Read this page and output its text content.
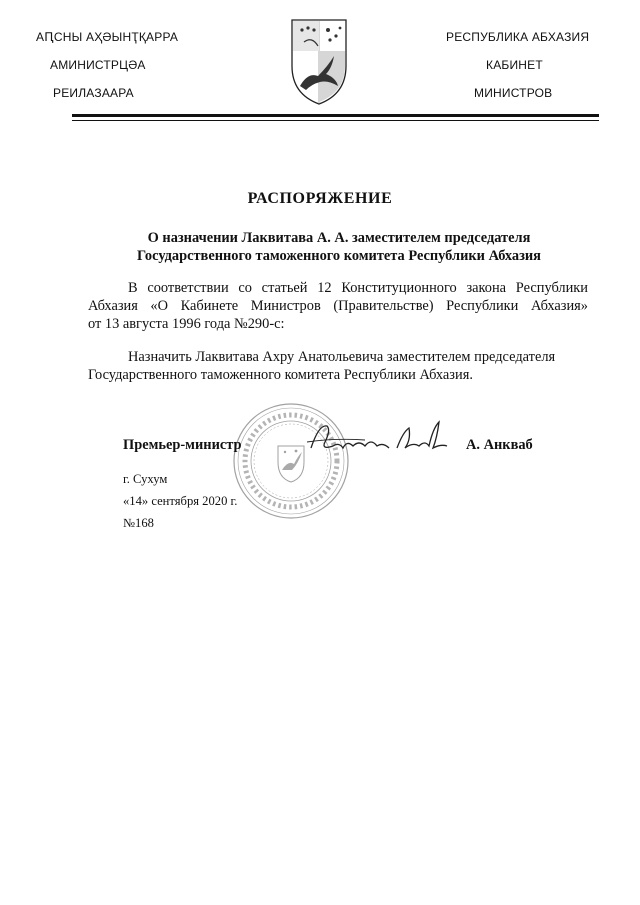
АԤСНЫ АҲӘЫНҬҚАРРА
АМИНИСТРЦӘА
РЕИЛАЗААРА
РЕСПУБЛИКА АБХАЗИЯ
КАБИНЕТ
МИНИСТРОВ
РАСПОРЯЖЕНИЕ
О назначении Лаквитава А. А. заместителем председателя
Государственного таможенного комитета Республики Абхазия
В соответствии со статьей 12 Конституционного закона Республики
Абхазия «О Кабинете Министров (Правительстве) Республики Абхазия»
от 13 августа 1996 года №290-с:
Назначить Лаквитава Ахру Анатольевича заместителем председателя
Государственного таможенного комитета Республики Абхазия.
Премьер-министр	А. Анкваб
г. Сухум
«14» сентября 2020 г.
№168
